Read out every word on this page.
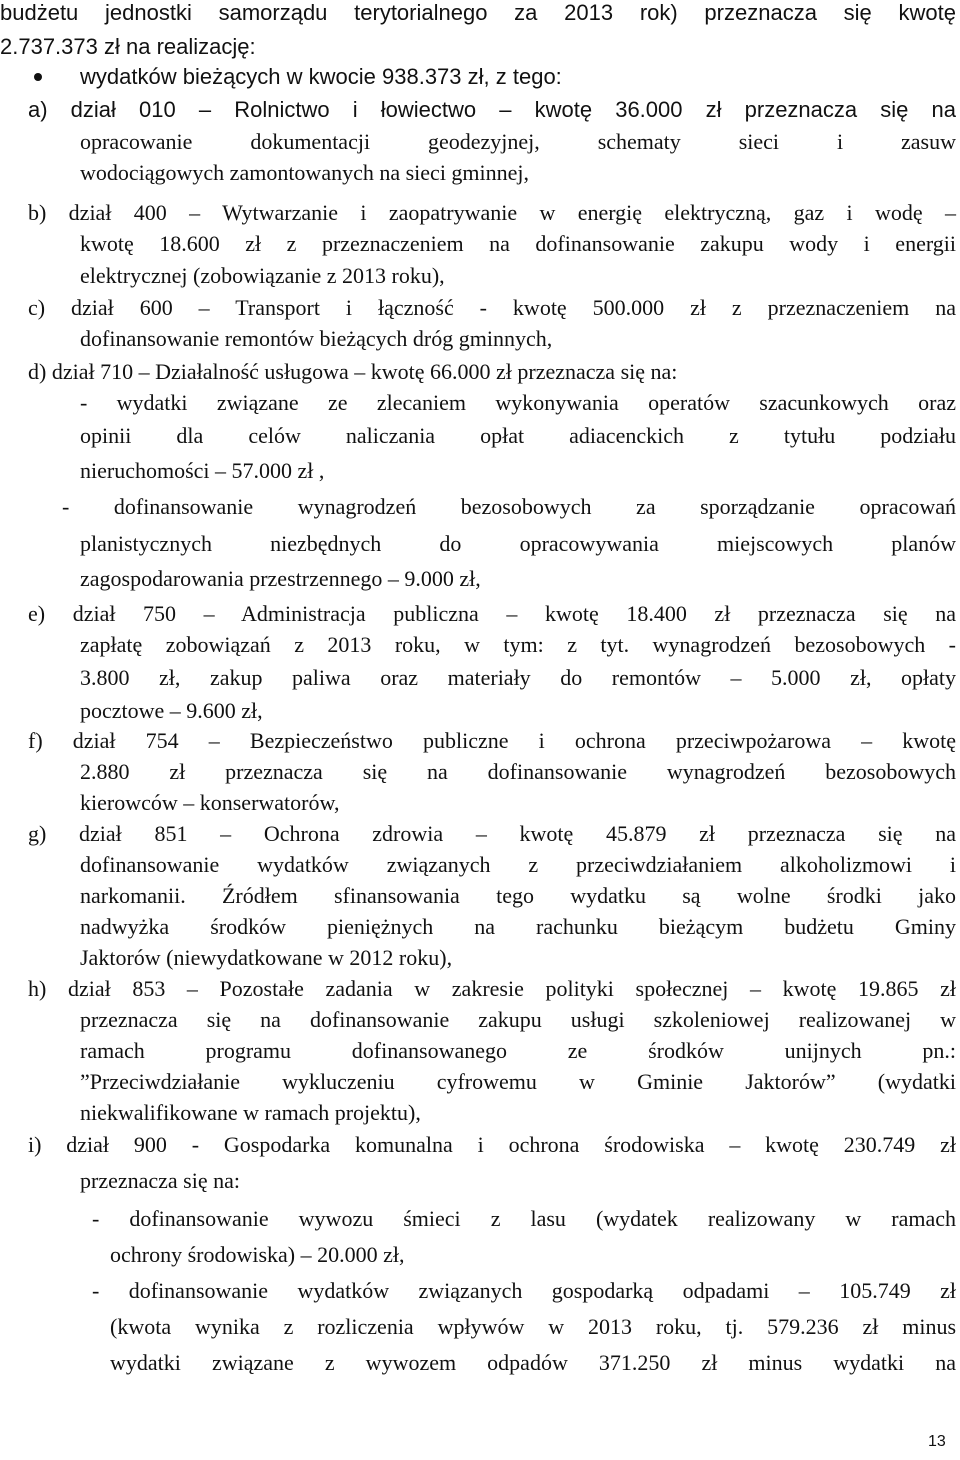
budżetu jednostki samorządu terytorialnego za 2013 rok) przeznacza się kwotę
2.737.373 zł na realizację:
wydatków bieżących w kwocie 938.373 zł, z tego:
a) dział 010 – Rolnictwo i łowiectwo – kwotę 36.000 zł przeznacza się na
opracowanie dokumentacji geodezyjnej, schematy sieci i zasuw
wodociągowych zamontowanych na sieci gminnej,
b) dział 400 – Wytwarzanie i zaopatrywanie w energię elektryczną, gaz i wodę –
kwotę 18.600 zł z przeznaczeniem na dofinansowanie zakupu wody i energii
elektrycznej (zobowiązanie z 2013 roku),
c) dział 600 – Transport i łączność - kwotę 500.000 zł z przeznaczeniem na
dofinansowanie remontów bieżących dróg gminnych,
d) dział 710 – Działalność usługowa – kwotę 66.000 zł przeznacza się na:
- wydatki związane ze zlecaniem wykonywania operatów szacunkowych oraz
opinii dla celów naliczania opłat adiacenckich z tytułu podziału
nieruchomości – 57.000 zł ,
- dofinansowanie wynagrodzeń bezosobowych za sporządzanie opracowań
planistycznych niezbędnych do opracowywania miejscowych planów
zagospodarowania przestrzennego – 9.000 zł,
e) dział 750 – Administracja publiczna – kwotę 18.400 zł przeznacza się na
zapłatę zobowiązań z 2013 roku, w tym: z tyt. wynagrodzeń bezosobowych -
3.800 zł, zakup paliwa oraz materiały do remontów – 5.000 zł, opłaty
pocztowe – 9.600 zł,
f) dział 754 – Bezpieczeństwo publiczne i ochrona przeciwpożarowa – kwotę
2.880 zł przeznacza się na dofinansowanie wynagrodzeń bezosobowych
kierowców – konserwatorów,
g) dział 851 – Ochrona zdrowia – kwotę 45.879 zł przeznacza się na
dofinansowanie wydatków związanych z przeciwdziałaniem alkoholizmowi i
narkomanii. Źródłem sfinansowania tego wydatku są wolne środki jako
nadwyżka środków pieniężnych na rachunku bieżącym budżetu Gminy
Jaktorów (niewydatkowane w 2012 roku),
h) dział 853 – Pozostałe zadania w zakresie polityki społecznej – kwotę 19.865 zł
przeznacza się na dofinansowanie zakupu usługi szkoleniowej realizowanej w
ramach programu dofinansowanego ze środków unijnych pn.:
”Przeciwdziałanie wykluczeniu cyfrowemu w Gminie Jaktorów” (wydatki
niekwalifikowane w ramach projektu),
i) dział 900 - Gospodarka komunalna i ochrona środowiska – kwotę 230.749 zł
przeznacza się na:
- dofinansowanie wywozu śmieci z lasu (wydatek realizowany w ramach
ochrony środowiska) – 20.000 zł,
- dofinansowanie wydatków związanych gospodarką odpadami – 105.749 zł
(kwota wynika z rozliczenia wpływów w 2013 roku, tj. 579.236 zł minus
wydatki związane z wywozem odpadów 371.250 zł minus wydatki na
13
